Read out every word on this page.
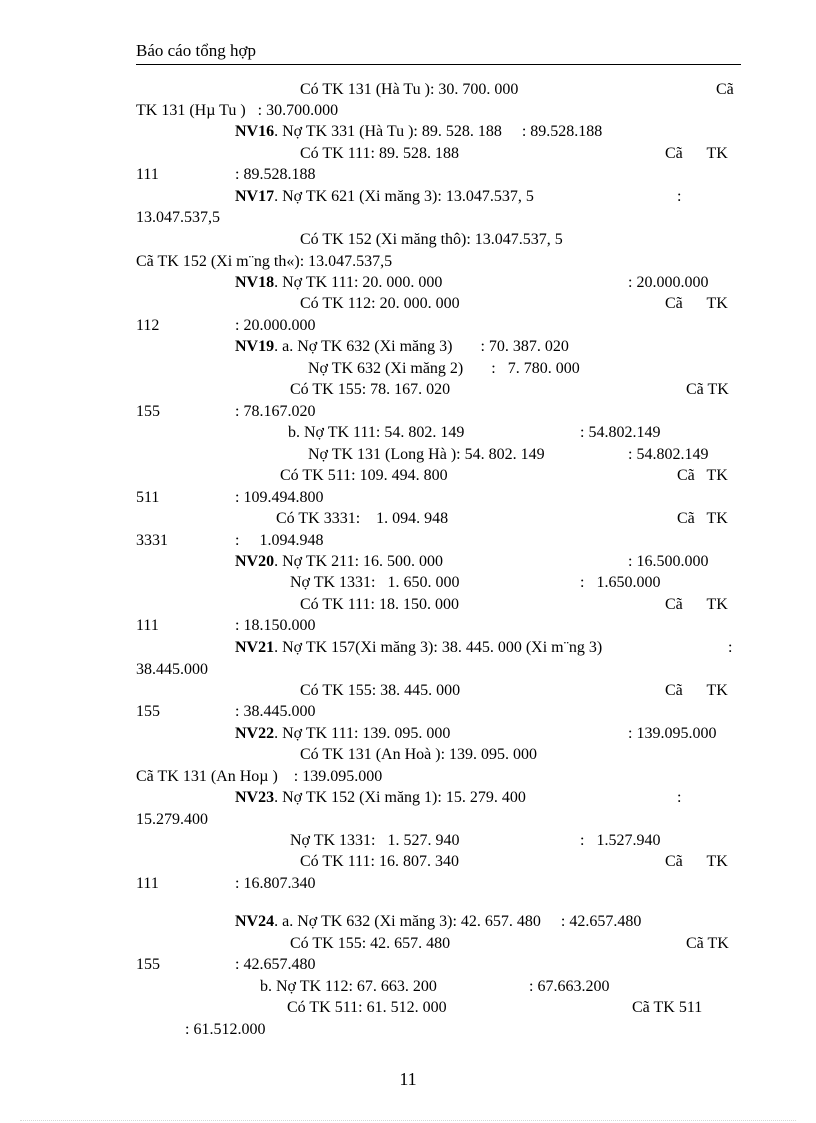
Báo cáo tổng hợp
Có TK 131 (Hà Tu ): 30. 700. 000	Cã
TK 131 (Hµ Tu )   : 30.700.000
NV16. Nợ TK 331 (Hà Tu ): 89. 528. 188     : 89.528.188
Có TK 111: 89. 528. 188	Cã      TK
111	: 89.528.188
NV17. Nợ TK 621 (Xi măng 3): 13.047.537, 5	:
13.047.537,5
Có TK 152 (Xi măng thô): 13.047.537, 5
Cã TK 152 (Xi m¨ng th«): 13.047.537,5
NV18. Nợ TK 111: 20. 000. 000	: 20.000.000
Có TK 112: 20. 000. 000	Cã      TK
112	: 20.000.000
NV19. a. Nợ TK 632 (Xi măng 3)       : 70. 387. 020
Nợ TK 632 (Xi măng 2)       :   7. 780. 000
Có TK 155: 78. 167. 020	Cã TK
155	: 78.167.020
b. Nợ TK 111: 54. 802. 149	: 54.802.149
Nợ TK 131 (Long Hà ): 54. 802. 149	: 54.802.149
Có TK 511: 109. 494. 800	Cã   TK
511	: 109.494.800
Có TK 3331:    1. 094. 948	Cã   TK
3331	:     1.094.948
NV20. Nợ TK 211: 16. 500. 000	: 16.500.000
Nợ TK 1331:   1. 650. 000	:   1.650.000
Có TK 111: 18. 150. 000	Cã      TK
111	: 18.150.000
NV21. Nợ TK 157(Xi măng 3): 38. 445. 000 (Xi m¨ng 3)	:
38.445.000
Có TK 155: 38. 445. 000	Cã      TK
155	: 38.445.000
NV22. Nợ TK 111: 139. 095. 000	: 139.095.000
Có TK 131 (An Hoà ): 139. 095. 000
Cã TK 131 (An Hoµ )    : 139.095.000
NV23. Nợ TK 152 (Xi măng 1): 15. 279. 400	:
15.279.400
Nợ TK 1331:   1. 527. 940	:   1.527.940
Có TK 111: 16. 807. 340	Cã      TK
111	: 16.807.340
NV24. a. Nợ TK 632 (Xi măng 3): 42. 657. 480     : 42.657.480
Có TK 155: 42. 657. 480	Cã TK
155	: 42.657.480
b. Nợ TK 112: 67. 663. 200	: 67.663.200
Có TK 511: 61. 512. 000	Cã TK 511
: 61.512.000
11
